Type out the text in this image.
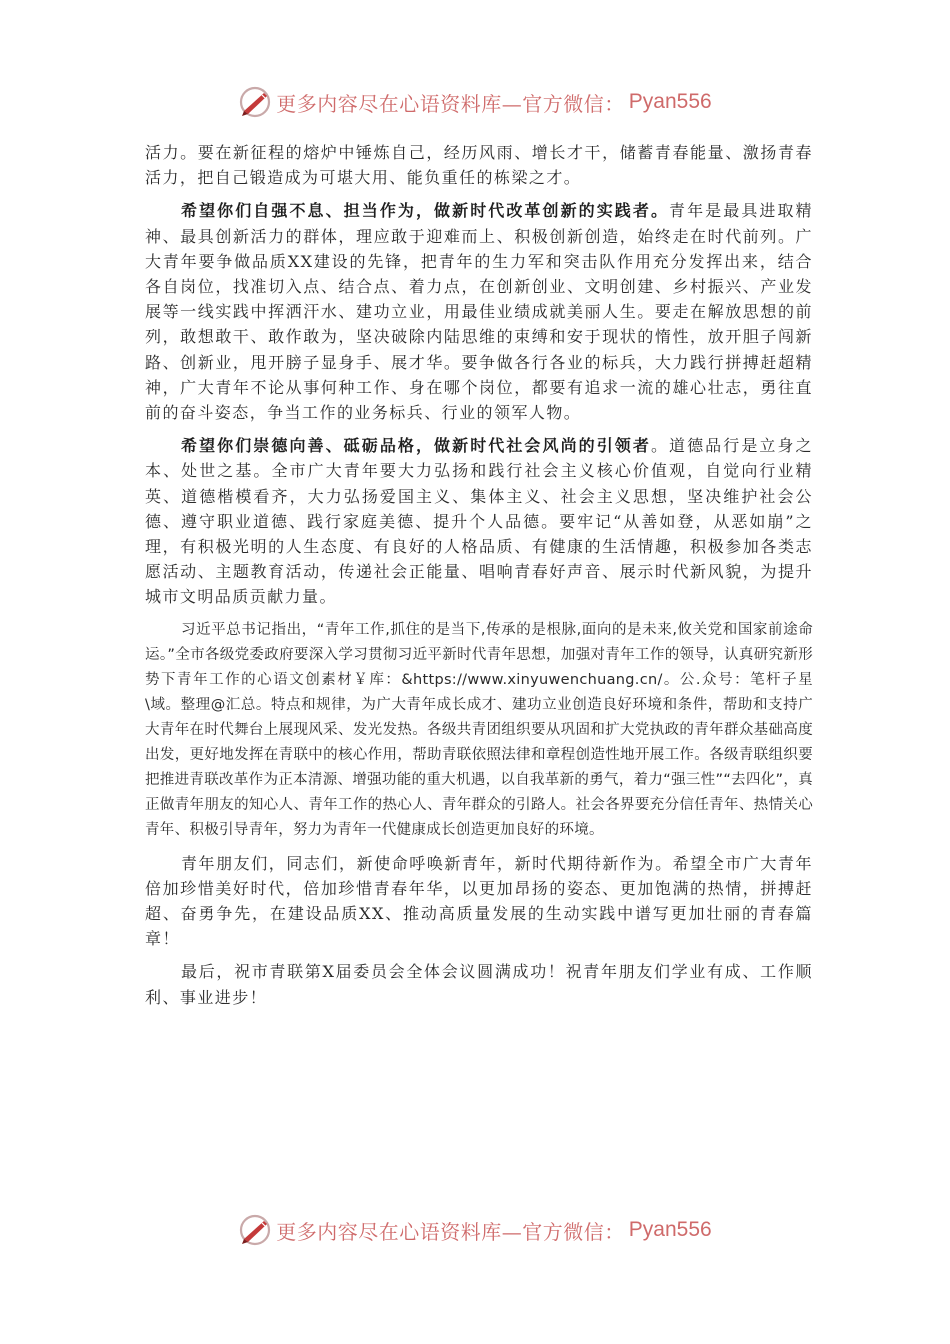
更多内容尽在心语资料库—官方微信： Pyan556

活力。要在新征程的熔炉中锤炼自己，经历风雨、增长才干，储蓄青春能量、激扬青春活力，把自己锻造成为可堪大用、能负重任的栋梁之才。

希望你们自强不息、担当作为，做新时代改革创新的实践者。青年是最具进取精神、最具创新活力的群体，理应敢于迎难而上、积极创新创造，始终走在时代前列。广大青年要争做品质XX建设的先锋，把青年的生力军和突击队作用充分发挥出来，结合各自岗位，找准切入点、结合点、着力点，在创新创业、文明创建、乡村振兴、产业发展等一线实践中挥洒汗水、建功立业，用最佳业绩成就美丽人生。要走在解放思想的前列，敢想敢干、敢作敢为，坚决破除内陆思维的束缚和安于现状的惰性，放开胆子闯新路、创新业，甩开膀子显身手、展才华。要争做各行各业的标兵，大力践行拼搏赶超精神，广大青年不论从事何种工作、身在哪个岗位，都要有追求一流的雄心壮志，勇往直前的奋斗姿态，争当工作的业务标兵、行业的领军人物。

希望你们崇德向善、砥砺品格，做新时代社会风尚的引领者。道德品行是立身之本、处世之基。全市广大青年要大力弘扬和践行社会主义核心价值观，自觉向行业精英、道德楷模看齐，大力弘扬爱国主义、集体主义、社会主义思想，坚决维护社会公德、遵守职业道德、践行家庭美德、提升个人品德。要牢记“从善如登，从恶如崩”之理，有积极光明的人生态度、有良好的人格品质、有健康的生活情趣，积极参加各类志愿活动、主题教育活动，传递社会正能量、唱响青春好声音、展示时代新风貌，为提升城市文明品质贡献力量。

习近平总书记指出，“青年工作,抓住的是当下,传承的是根脉,面向的是未来,攸关党和国家前途命运。”全市各级党委政府要深入学习贯彻习近平新时代青年思想，加强对青年工作的领导，认真研究新形势下青年工作的心语文创素材￥库：&https://www.xinyuwenchuang.cn/。公.众号：笔杆子星\域。整理@汇总。特点和规律，为广大青年成长成才、建功立业创造良好环境和条件，帮助和支持广大青年在时代舞台上展现风采、发光发热。各级共青团组织要从巩固和扩大党执政的青年群众基础高度出发，更好地发挥在青联中的核心作用，帮助青联依照法律和章程创造性地开展工作。各级青联组织要把推进青联改革作为正本清源、增强功能的重大机遇，以自我革新的勇气，着力“强三性”“去四化”，真正做青年朋友的知心人、青年工作的热心人、青年群众的引路人。社会各界要充分信任青年、热情关心青年、积极引导青年，努力为青年一代健康成长创造更加良好的环境。

青年朋友们，同志们，新使命呼唤新青年，新时代期待新作为。希望全市广大青年倍加珍惜美好时代，倍加珍惜青春年华，以更加昂扬的姿态、更加饱满的热情，拼搏赶超、奋勇争先，在建设品质XX、推动高质量发展的生动实践中谱写更加壮丽的青春篇章！

最后，祝市青联第X届委员会全体会议圆满成功！祝青年朋友们学业有成、工作顺利、事业进步！

更多内容尽在心语资料库—官方微信： Pyan556
